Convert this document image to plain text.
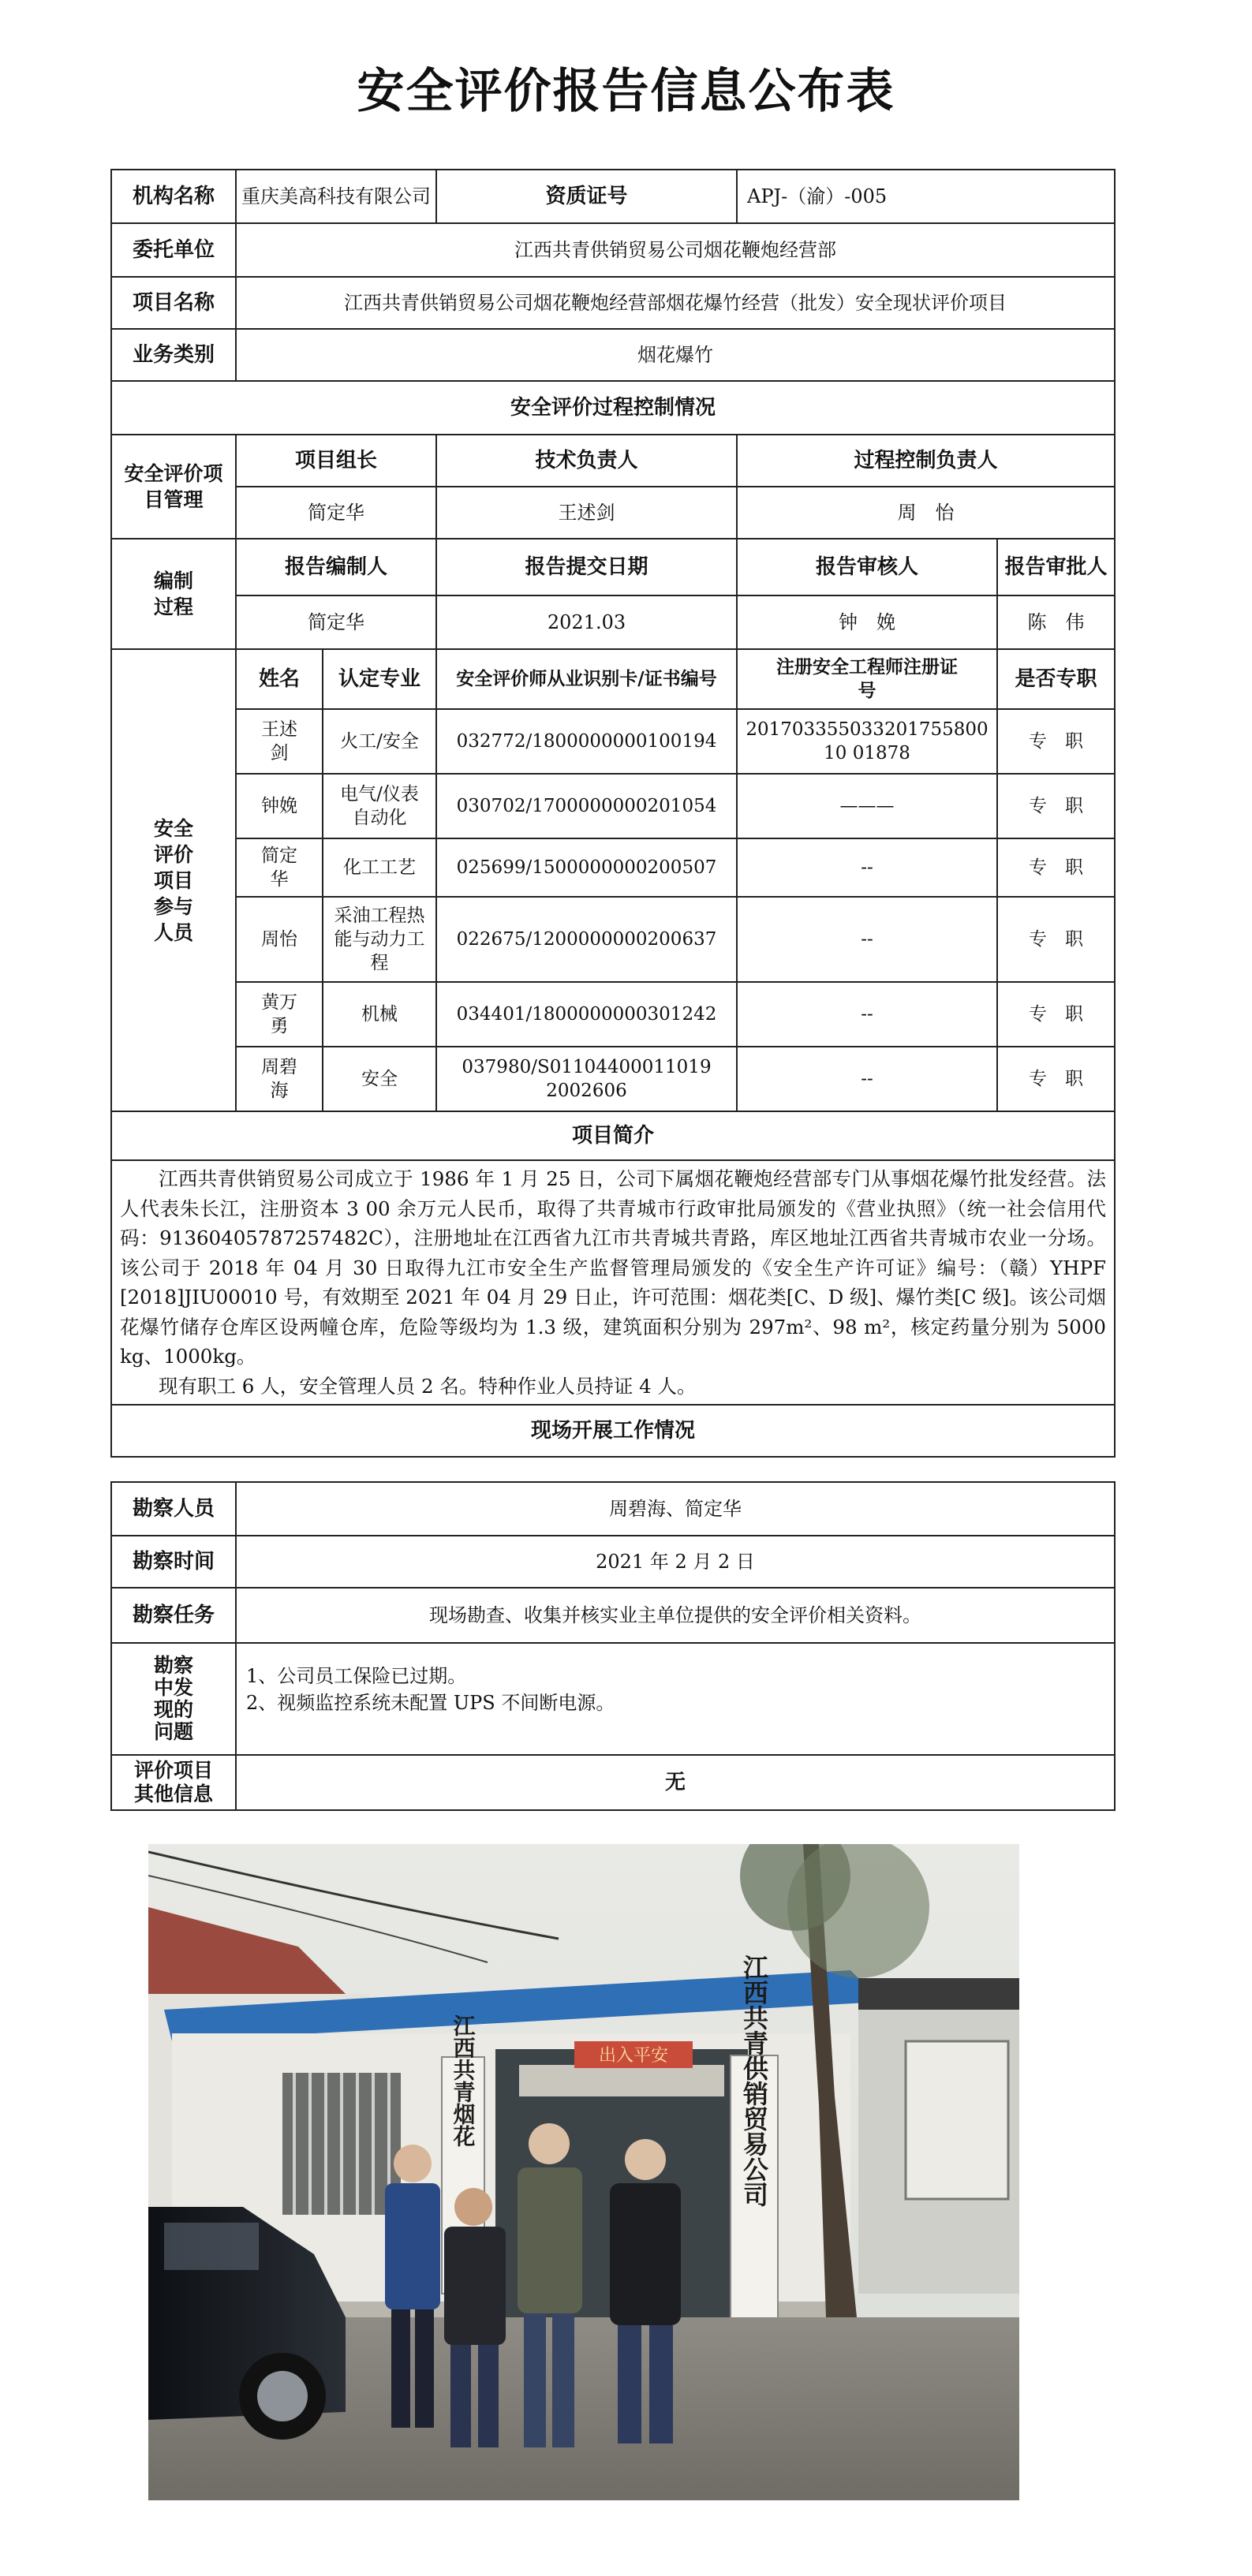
安全评价报告信息公布表
机构名称	重庆美高科技有限公司		资质证号	APJ-（渝）-005	
委托单位	江西共青供销贸易公司烟花鞭炮经营部				
项目名称	江西共青供销贸易公司烟花鞭炮经营部烟花爆竹经营（批发）安全现状评价项目				
业务类别	烟花爆竹				
安全评价过程控制情况					
安全评价项目管理	项目组长		技术负责人	过程控制负责人	
	简定华		王述剑	周　怡	
编制过程	报告编制人		报告提交日期	报告审核人	报告审批人
	简定华		2021.03	钟　娩	陈　伟
安全评价项目参与人员	姓名	认定专业	安全评价师从业识别卡/证书编号	注册安全工程师注册证号	是否专职
	王述剑	火工/安全	032772/1800000000100194	20170335503320175580010 01878	专　职
	钟娩	电气/仪表自动化	030702/1700000000201054	———	专　职
	简定华	化工工艺	025699/1500000000200507	--	专　职
	周怡	采油工程热能与动力工程	022675/1200000000200637	--	专　职
	黄万勇	机械	034401/1800000000301242	--	专　职
	周碧海	安全	037980/S011044000110192002606	--	专　职
项目简介					

江西共青供销贸易公司成立于 1986 年 1 月 25 日，公司下属烟花鞭炮经营部专门从事烟花爆竹批发经营。法人代表朱长江，注册资本 3 00 余万元人民币，取得了共青城市行政审批局颁发的《营业执照》（统一社会信用代码：91360405787257482C），注册地址在江西省九江市共青城共青路，库区地址江西省共青城市农业一分场。该公司于 2018 年 04 月 30 日取得九江市安全生产监督管理局颁发的《安全生产许可证》编号：（赣）YHPF [2018]JIU00010 号，有效期至 2021 年 04 月 29 日止，许可范围：烟花类[C、D 级]、爆竹类[C 级]。该公司烟花爆竹储存仓库区设两幢仓库，危险等级均为 1.3 级，建筑面积分别为 297m²、98 m²，核定药量分别为 5000 kg、1000kg。
现有职工 6 人，安全管理人员 2 名。特种作业人员持证 4 人。					

现场开展工作情况					
勘察人员	周碧海、简定华
勘察时间	2021 年 2 月 2 日
勘察任务	现场勘查、收集并核实业主单位提供的安全评价相关资料。
勘察中发现的问题	1、公司员工保险已过期。
2、视频监控系统未配置 UPS 不间断电源。

评价项目其他信息	无
出入平安
江西共青烟花	江西共青供销贸易公司
